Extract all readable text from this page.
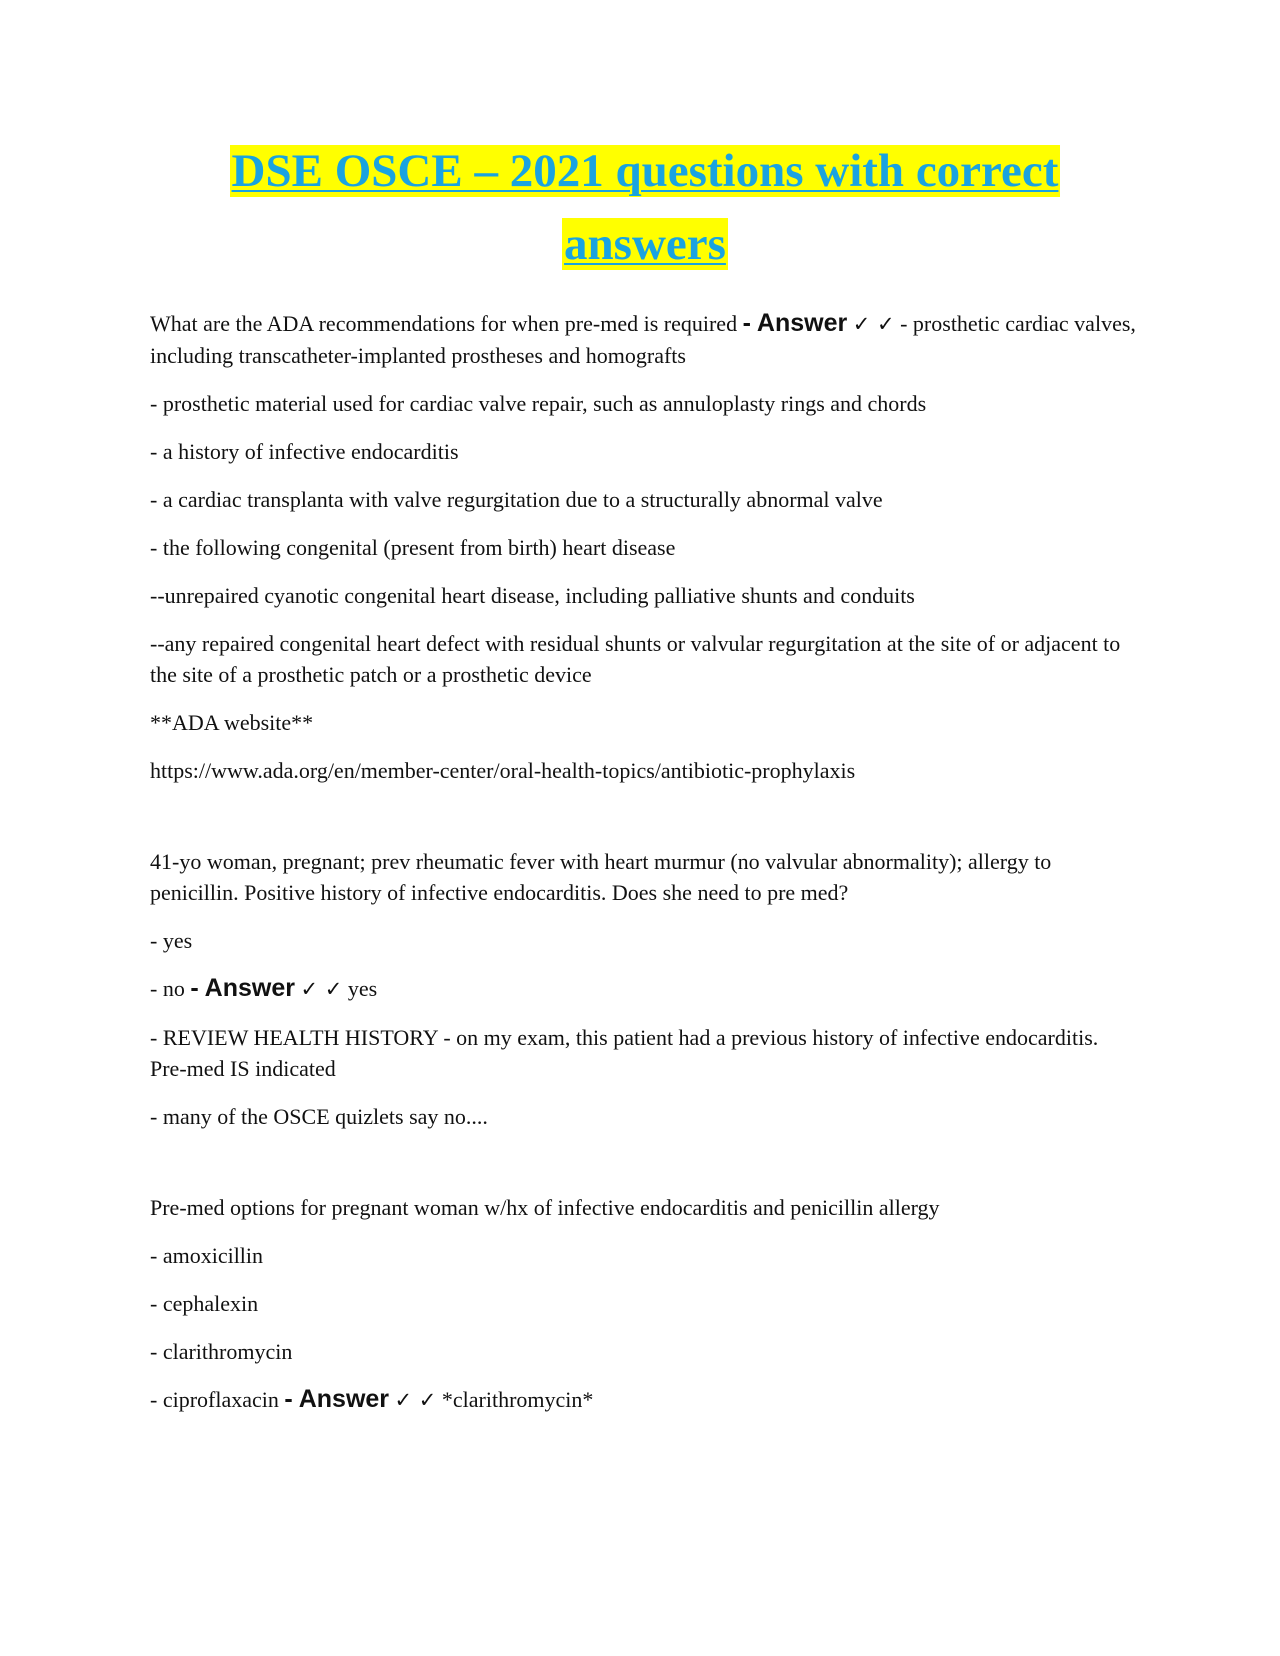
DSE OSCE – 2021 questions with correct answers

What are the ADA recommendations for when pre-med is required - Answer ✓ ✓ - prosthetic cardiac valves, including transcatheter-implanted prostheses and homografts

- prosthetic material used for cardiac valve repair, such as annuloplasty rings and chords

- a history of infective endocarditis

- a cardiac transplanta with valve regurgitation due to a structurally abnormal valve

- the following congenital (present from birth) heart disease

--unrepaired cyanotic congenital heart disease, including palliative shunts and conduits

--any repaired congenital heart defect with residual shunts or valvular regurgitation at the site of or adjacent to the site of a prosthetic patch or a prosthetic device

**ADA website**

https://www.ada.org/en/member-center/oral-health-topics/antibiotic-prophylaxis

41-yo woman, pregnant; prev rheumatic fever with heart murmur (no valvular abnormality); allergy to penicillin. Positive history of infective endocarditis. Does she need to pre med?

- yes

- no - Answer ✓ ✓ yes

- REVIEW HEALTH HISTORY - on my exam, this patient had a previous history of infective endocarditis. Pre-med IS indicated

- many of the OSCE quizlets say no....

Pre-med options for pregnant woman w/hx of infective endocarditis and penicillin allergy

- amoxicillin

- cephalexin

- clarithromycin

- ciproflaxacin - Answer ✓ ✓ *clarithromycin*
